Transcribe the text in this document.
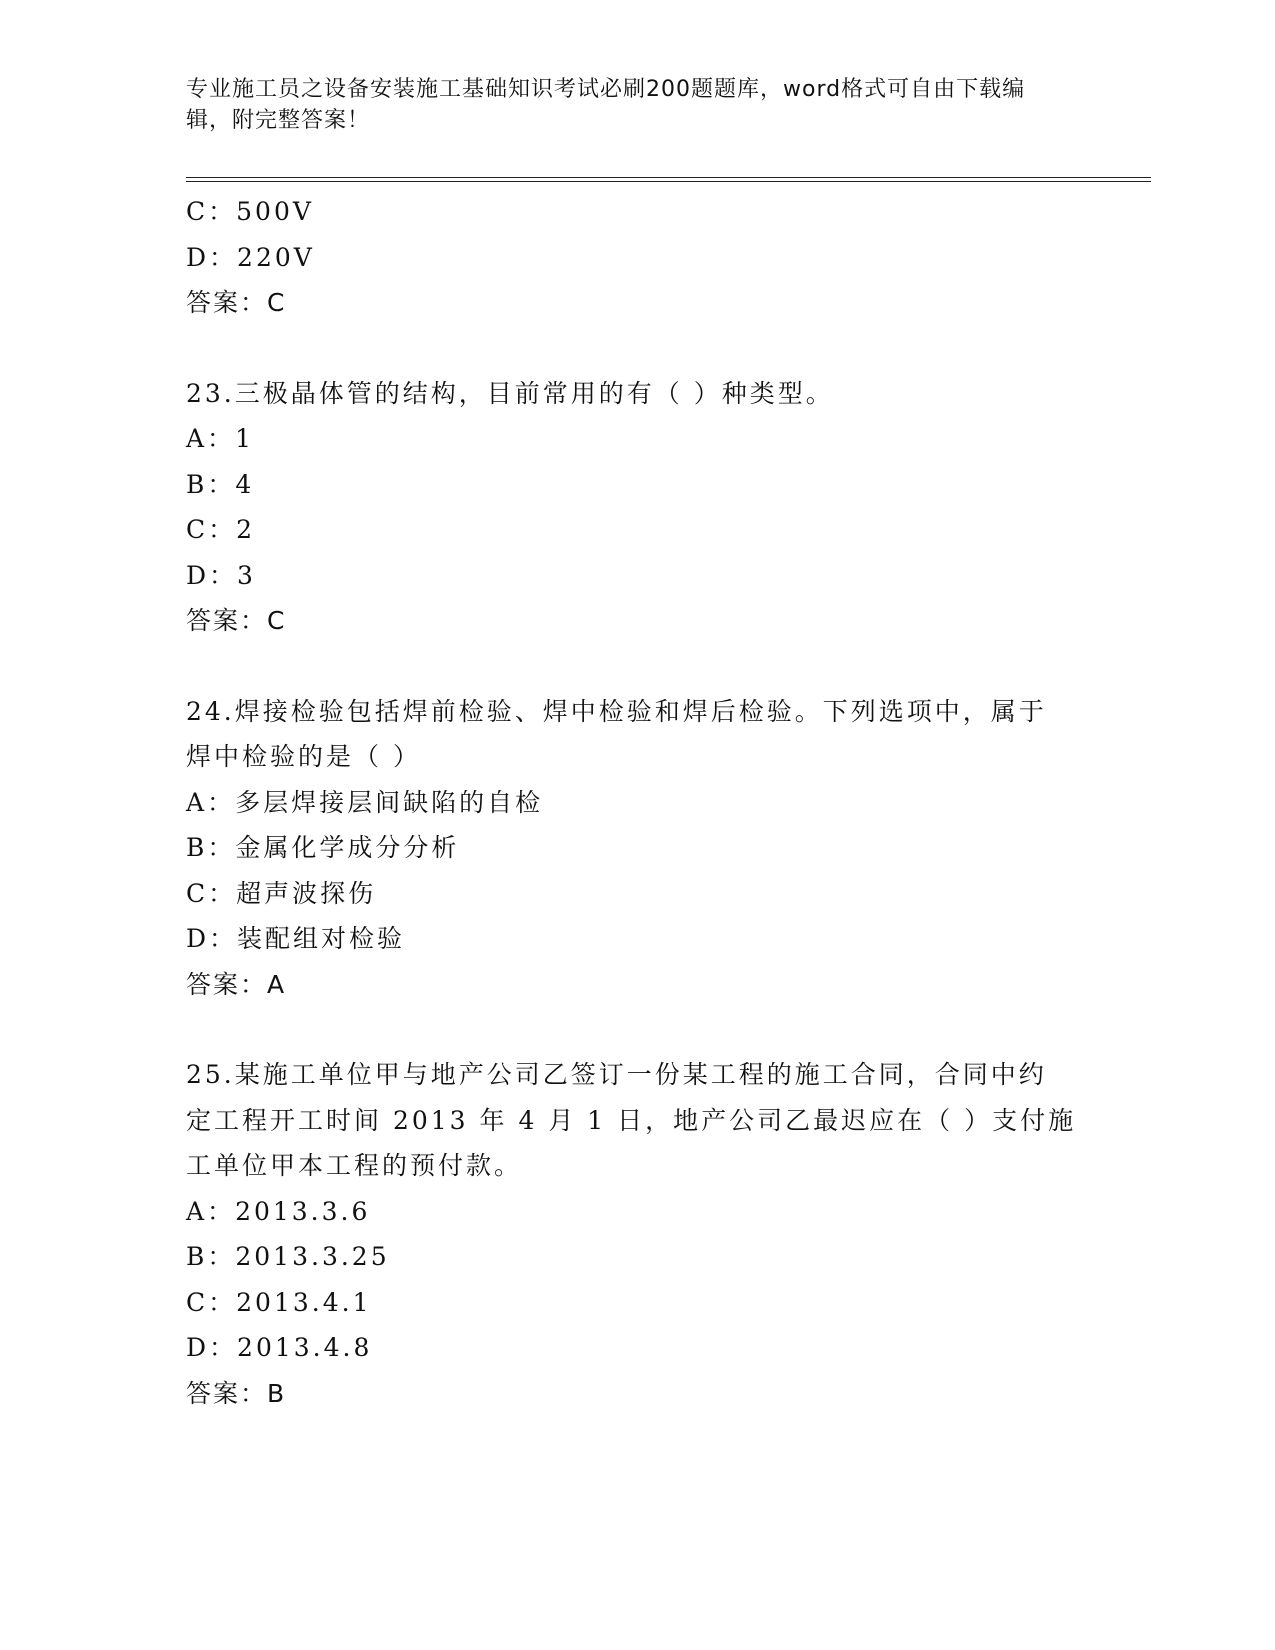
专业施工员之设备安装施工基础知识考试必刷200题题库，word格式可自由下载编辑，附完整答案！
C：500V
D：220V
答案：C
23.三极晶体管的结构，目前常用的有（ ）种类型。
A：1
B：4
C：2
D：3
答案：C
24.焊接检验包括焊前检验、焊中检验和焊后检验。下列选项中，属于
焊中检验的是（ ）
A：多层焊接层间缺陷的自检
B：金属化学成分分析
C：超声波探伤
D：装配组对检验
答案：A
25.某施工单位甲与地产公司乙签订一份某工程的施工合同，合同中约
定工程开工时间 2013 年 4 月 1 日，地产公司乙最迟应在（ ）支付施
工单位甲本工程的预付款。
A：2013.3.6
B：2013.3.25
C：2013.4.1
D：2013.4.8
答案：B
